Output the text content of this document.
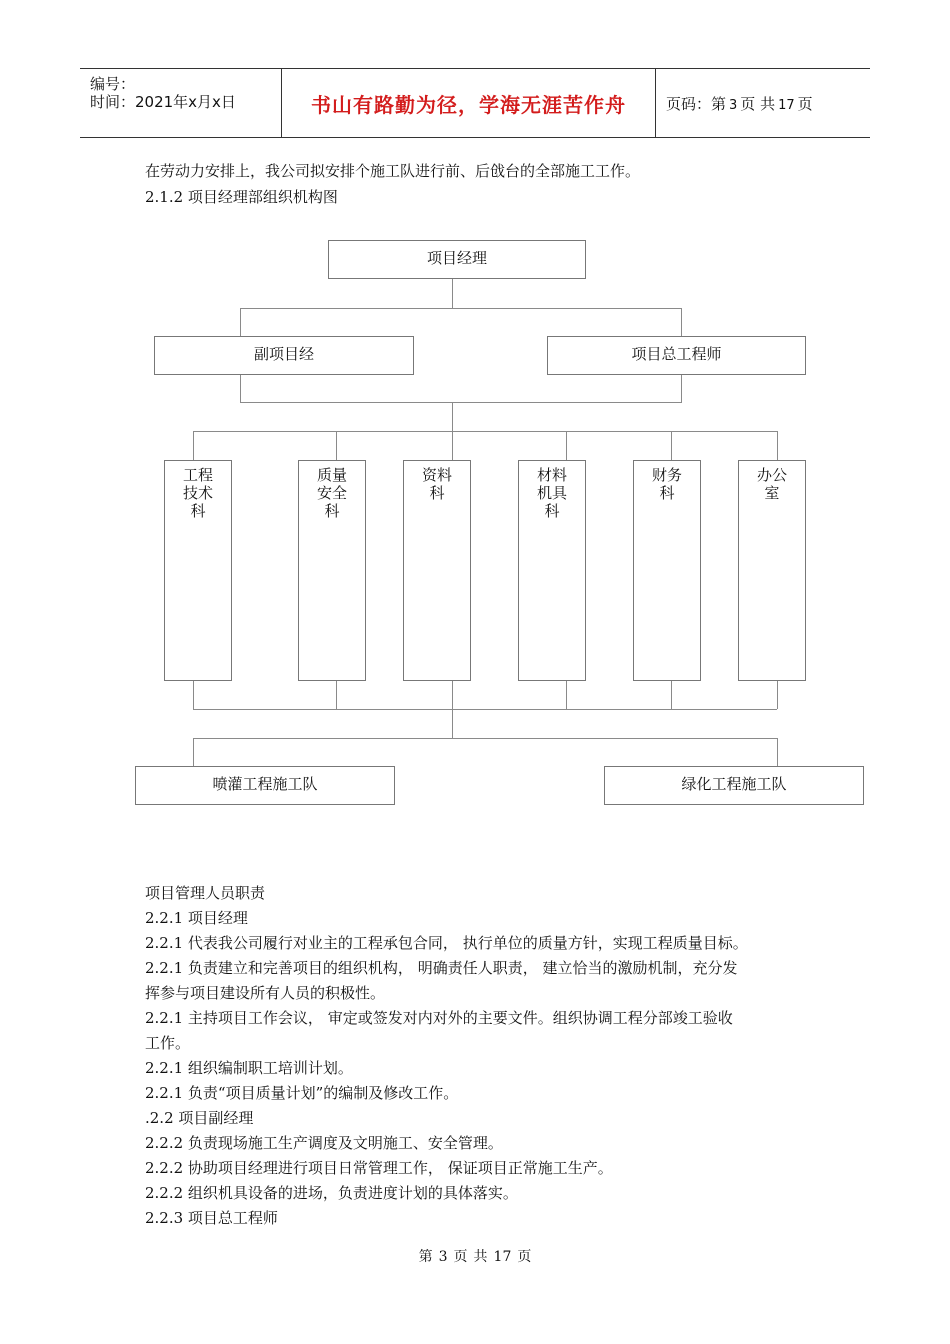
编号：
时间：2021年x月x日	书山有路勤为径，学海无涯苦作舟	页码：第 3 页 共 17 页
在劳动力安排上，我公司拟安排个施工队进行前、后戗台的全部施工工作。
2.1.2 项目经理部组织机构图
项目经理
副项目经	项目总工程师
工程
技术
科
质量
安全
科
资料
科
材料
机具
科
财务
科
办公
室
喷灌工程施工队	绿化工程施工队
项目管理人员职责
2.2.1 项目经理
2.2.1 代表我公司履行对业主的工程承包合同， 执行单位的质量方针，实现工程质量目标。
2.2.1 负责建立和完善项目的组织机构， 明确责任人职责， 建立恰当的激励机制，充分发
挥参与项目建设所有人员的积极性。
2.2.1 主持项目工作会议， 审定或签发对内对外的主要文件。组织协调工程分部竣工验收
工作。
2.2.1 组织编制职工培训计划。
2.2.1 负责“项目质量计划”的编制及修改工作。
.2.2 项目副经理
2.2.2 负责现场施工生产调度及文明施工、安全管理。
2.2.2 协助项目经理进行项目日常管理工作， 保证项目正常施工生产。
2.2.2 组织机具设备的进场，负责进度计划的具体落实。
2.2.3 项目总工程师
第 3 页 共 17 页
